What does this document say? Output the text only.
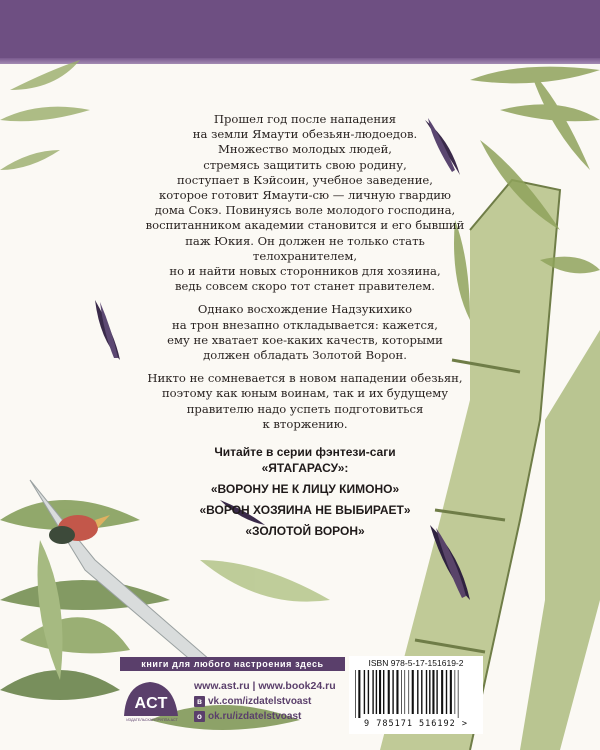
Прошел год после нападения
на земли Ямаути обезьян-людоедов.
Множество молодых людей,
стремясь защитить свою родину,
поступает в Кэйсоин, учебное заведение,
которое готовит Ямаути-сю — личную гвардию
дома Сокэ. Повинуясь воле молодого господина,
воспитанником академии становится и его бывший
паж Юкия. Он должен не только стать телохранителем,
но и найти новых сторонников для хозяина,
ведь совсем скоро тот станет правителем.

Однако восхождение Надзукихико
на трон внезапно откладывается: кажется,
ему не хватает кое-каких качеств, которыми
должен обладать Золотой Ворон.

Никто не сомневается в новом нападении обезьян,
поэтому как юным воинам, так и их будущему
правителю надо успеть подготовиться
к вторжению.

Читайте в серии фэнтези-саги
«ЯТАГАРАСУ»:
«ВОРОНУ НЕ К ЛИЦУ КИМОНО»
«ВОРОН ХОЗЯИНА НЕ ВЫБИРАЕТ»
«ЗОЛОТОЙ ВОРОН»
книги для любого настроения здесь
ACT
ИЗДАТЕЛЬСКАЯ ГРУППА АСТ
www.ast.ru | www.book24.ru
в vk.com/izdatelstvoast
о ok.ru/izdatelstvoast
ISBN 978-5-17-151619-2
9 785171 516192 >
